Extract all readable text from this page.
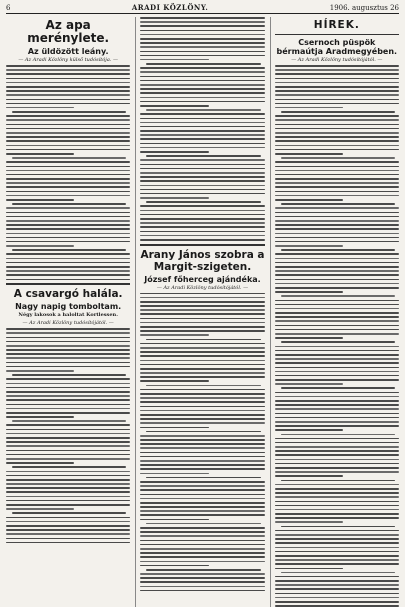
6	ARADI KÖZLÖNY.	1906. augusztus 26
Az apa merénylete.
Az üldözött leány.
— Az Aradi Közlöny külső tudósítója. —
A csavargó halála.
Nagy napig tomboltam.
Négy lakosok a haloltat Kortlessen.
— Az Aradi Közlöny tudósítójától. —
Arany János szobra a Margit-szigeten.
József főherceg ajándéka.
— Az Aradi Közlöny tudósítójától. —
HÍREK.
Csernoch püspök bérmaútja Aradmegyében.
— Az Aradi Közlöny tudósítójától. —
